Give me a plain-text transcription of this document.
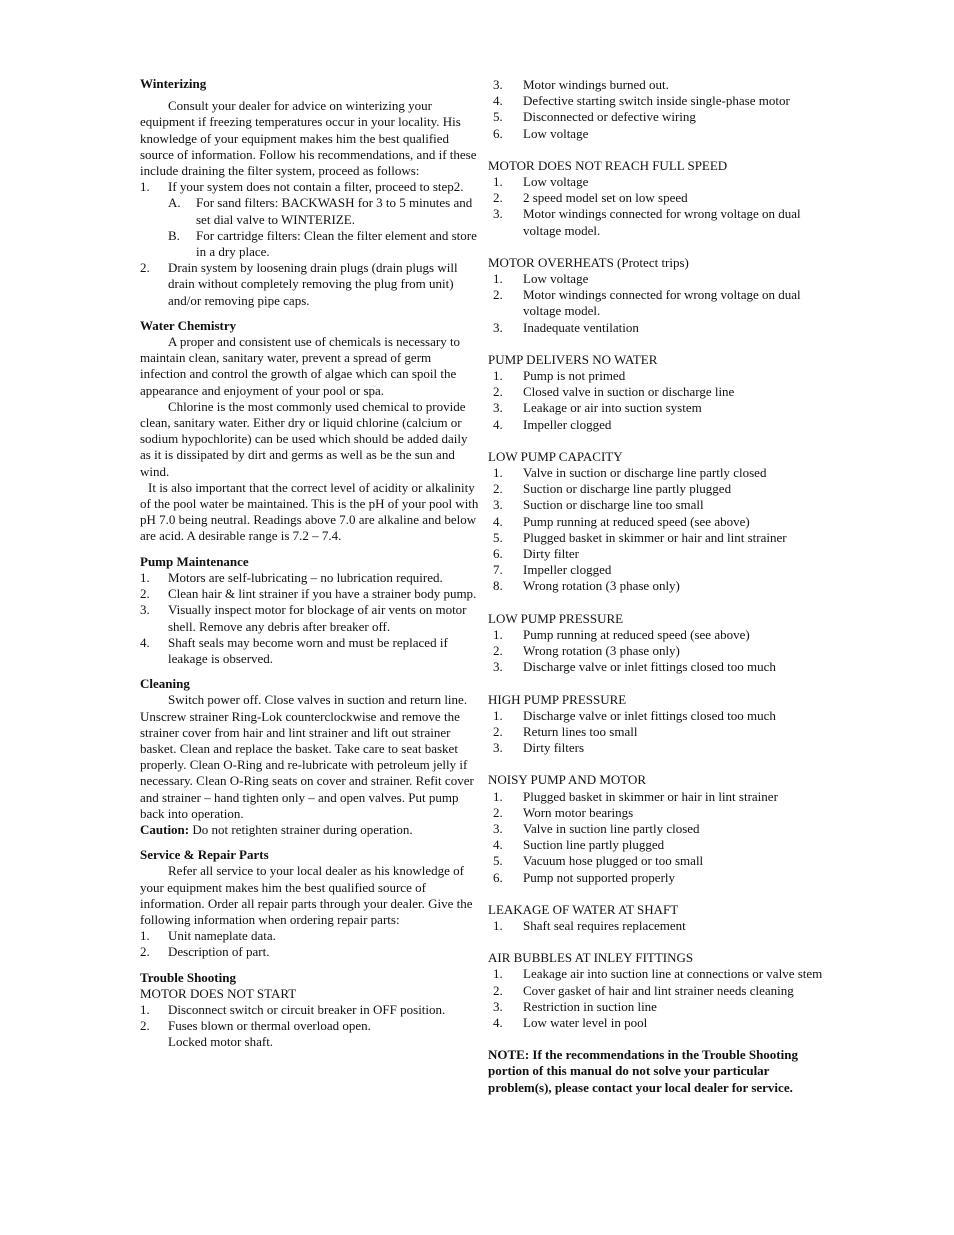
Winterizing

Consult your dealer for advice on winterizing your equipment if freezing temperatures occur in your locality. His knowledge of your equipment makes him the best qualified source of information. Follow his recommendations, and if these include draining the filter system, proceed as follows:

1.	If your system does not contain a filter, proceed to step2.
A. For sand filters: BACKWASH for 3 to 5 minutes and set dial valve to WINTERIZE.
B. For cartridge filters: Clean the filter element and store in a dry place.
2.	Drain system by loosening drain plugs (drain plugs will drain without completely removing the plug from unit) and/or removing pipe caps.

Water Chemistry

A proper and consistent use of chemicals is necessary to maintain clean, sanitary water, prevent a spread of germ infection and control the growth of algae which can spoil the appearance and enjoyment of your pool or spa.

Chlorine is the most commonly used chemical to provide clean, sanitary water. Either dry or liquid chlorine (calcium or sodium hypochlorite) can be used which should be added daily as it is dissipated by dirt and germs as well as be the sun and wind.

It is also important that the correct level of acidity or alkalinity of the pool water be maintained. This is the pH of your pool with pH 7.0 being neutral. Readings above 7.0 are alkaline and below are acid. A desirable range is 7.2 – 7.4.

Pump Maintenance

1.	Motors are self-lubricating – no lubrication required.
2.	Clean hair & lint strainer if you have a strainer body pump.
3.	Visually inspect motor for blockage of air vents on motor shell. Remove any debris after breaker off.
4.	Shaft seals may become worn and must be replaced if leakage is observed.

Cleaning

Switch power off. Close valves in suction and return line. Unscrew strainer Ring-Lok counterclockwise and remove the strainer cover from hair and lint strainer and lift out strainer basket. Clean and replace the basket. Take care to seat basket properly. Clean O-Ring and re-lubricate with petroleum jelly if necessary. Clean O-Ring seats on cover and strainer. Refit cover and strainer – hand tighten only – and open valves. Put pump back into operation.

Caution: Do not retighten strainer during operation.

Service & Repair Parts

Refer all service to your local dealer as his knowledge of your equipment makes him the best qualified source of information. Order all repair parts through your dealer. Give the following information when ordering repair parts:

1.	Unit nameplate data.
2.	Description of part.

Trouble Shooting

MOTOR DOES NOT START

1.	Disconnect switch or circuit breaker in OFF position.
2.	Fuses blown or thermal overload open.

Locked motor shaft.

3. Motor windings burned out.
4. Defective starting switch inside single-phase motor
5. Disconnected or defective wiring
6. Low voltage

MOTOR DOES NOT REACH FULL SPEED

1. Low voltage
2. 2 speed model set on low speed
3. Motor windings connected for wrong voltage on dual voltage model.

MOTOR OVERHEATS (Protect trips)

1. Low voltage
2. Motor windings connected for wrong voltage on dual voltage model.
3. Inadequate ventilation

PUMP DELIVERS NO WATER

1. Pump is not primed
2. Closed valve in suction or discharge line
3. Leakage or air into suction system
4. Impeller clogged

LOW PUMP CAPACITY

1. Valve in suction or discharge line partly closed
2. Suction or discharge line partly plugged
3. Suction or discharge line too small
4. Pump running at reduced speed (see above)
5. Plugged basket in skimmer or hair and lint strainer
6. Dirty filter
7. Impeller clogged
8. Wrong rotation (3 phase only)

LOW PUMP PRESSURE

1. Pump running at reduced speed (see above)
2. Wrong rotation (3 phase only)
3. Discharge valve or inlet fittings closed too much

HIGH PUMP PRESSURE

1. Discharge valve or inlet fittings closed too much
2. Return lines too small
3. Dirty filters

NOISY PUMP AND MOTOR

1. Plugged basket in skimmer or hair in lint strainer
2. Worn motor bearings
3. Valve in suction line partly closed
4. Suction line partly plugged
5. Vacuum hose plugged or too small
6. Pump not supported properly

LEAKAGE OF WATER AT SHAFT

1. Shaft seal requires replacement

AIR BUBBLES AT INLEY FITTINGS

1. Leakage air into suction line at connections or valve stem
2. Cover gasket of hair and lint strainer needs cleaning
3. Restriction in suction line
4. Low water level in pool

NOTE: If the recommendations in the Trouble Shooting portion of this manual do not solve your particular problem(s), please contact your local dealer for service.
